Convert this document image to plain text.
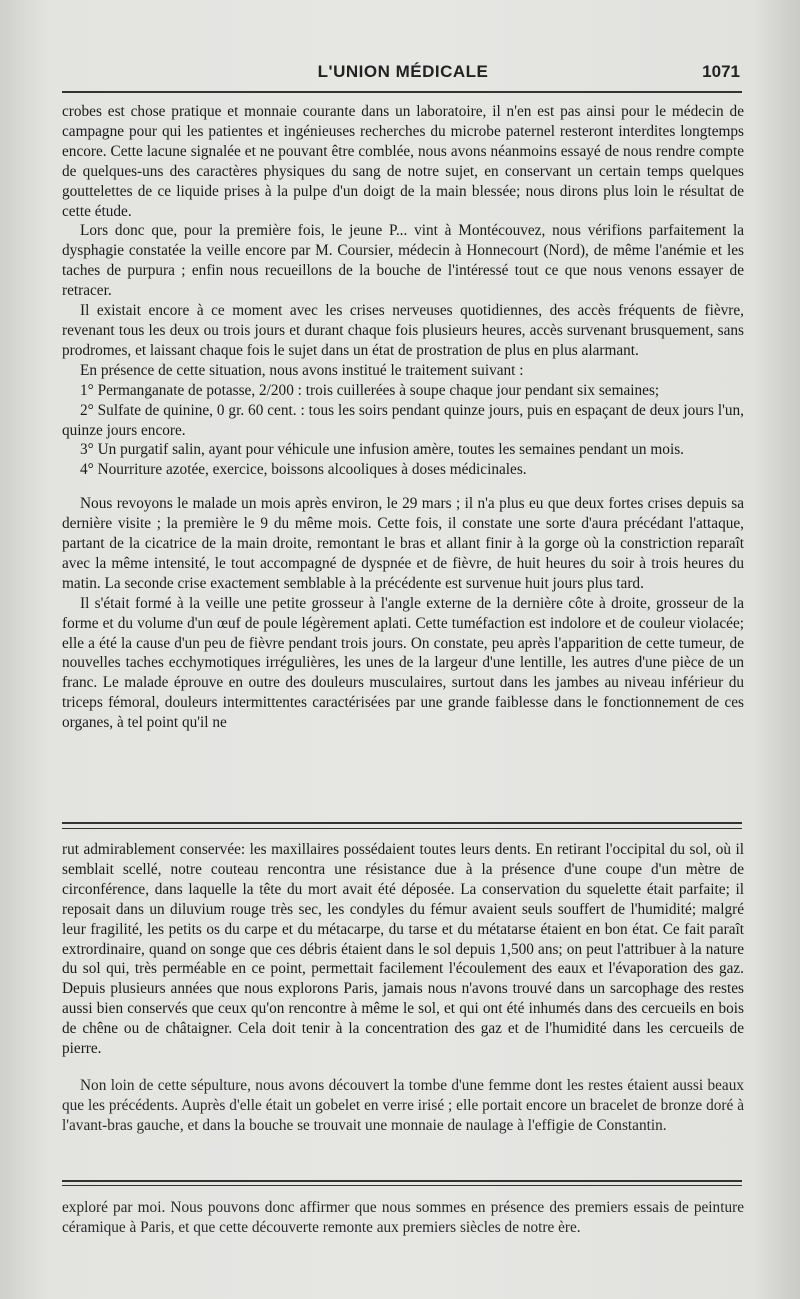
L'UNION MÉDICALE	1071

crobes est chose pratique et monnaie courante dans un laboratoire, il n'en est pas ainsi pour le médecin de campagne pour qui les patientes et ingénieuses recherches du microbe paternel resteront interdites longtemps encore. Cette lacune signalée et ne pouvant être comblée, nous avons néanmoins essayé de nous rendre compte de quelques-uns des caractères physiques du sang de notre sujet, en conservant un certain temps quelques gouttelettes de ce liquide prises à la pulpe d'un doigt de la main blessée; nous dirons plus loin le résultat de cette étude.

Lors donc que, pour la première fois, le jeune P... vint à Montécouvez, nous vérifions parfaitement la dysphagie constatée la veille encore par M. Coursier, médecin à Honnecourt (Nord), de même l'anémie et les taches de purpura ; enfin nous recueillons de la bouche de l'intéressé tout ce que nous venons essayer de retracer.

Il existait encore à ce moment avec les crises nerveuses quotidiennes, des accès fréquents de fièvre, revenant tous les deux ou trois jours et durant chaque fois plusieurs heures, accès survenant brusquement, sans prodromes, et laissant chaque fois le sujet dans un état de prostration de plus en plus alarmant.

En présence de cette situation, nous avons institué le traitement suivant :

1° Permanganate de potasse, 2/200 : trois cuillerées à soupe chaque jour pendant six semaines;

2° Sulfate de quinine, 0 gr. 60 cent. : tous les soirs pendant quinze jours, puis en espaçant de deux jours l'un, quinze jours encore.

3° Un purgatif salin, ayant pour véhicule une infusion amère, toutes les semaines pendant un mois.

4° Nourriture azotée, exercice, boissons alcooliques à doses médicinales.

Nous revoyons le malade un mois après environ, le 29 mars ; il n'a plus eu que deux fortes crises depuis sa dernière visite ; la première le 9 du même mois. Cette fois, il constate une sorte d'aura précédant l'attaque, partant de la cicatrice de la main droite, remontant le bras et allant finir à la gorge où la constriction reparaît avec la même intensité, le tout accompagné de dyspnée et de fièvre, de huit heures du soir à trois heures du matin. La seconde crise exactement semblable à la précédente est survenue huit jours plus tard.

Il s'était formé à la veille une petite grosseur à l'angle externe de la dernière côte à droite, grosseur de la forme et du volume d'un œuf de poule légèrement aplati. Cette tuméfaction est indolore et de couleur violacée; elle a été la cause d'un peu de fièvre pendant trois jours. On constate, peu après l'apparition de cette tumeur, de nouvelles taches ecchymotiques irrégulières, les unes de la largeur d'une lentille, les autres d'une pièce de un franc. Le malade éprouve en outre des douleurs musculaires, surtout dans les jambes au niveau inférieur du triceps fémoral, douleurs intermittentes caractérisées par une grande faiblesse dans le fonctionnement de ces organes, à tel point qu'il ne

rut admirablement conservée: les maxillaires possédaient toutes leurs dents. En retirant l'occipital du sol, où il semblait scellé, notre couteau rencontra une résistance due à la présence d'une coupe d'un mètre de circonférence, dans laquelle la tête du mort avait été déposée. La conservation du squelette était parfaite; il reposait dans un diluvium rouge très sec, les condyles du fémur avaient seuls souffert de l'humidité; malgré leur fragilité, les petits os du carpe et du métacarpe, du tarse et du métatarse étaient en bon état. Ce fait paraît extrordinaire, quand on songe que ces débris étaient dans le sol depuis 1,500 ans; on peut l'attribuer à la nature du sol qui, très perméable en ce point, permettait facilement l'écoulement des eaux et l'évaporation des gaz. Depuis plusieurs années que nous explorons Paris, jamais nous n'avons trouvé dans un sarcophage des restes aussi bien conservés que ceux qu'on rencontre à même le sol, et qui ont été inhumés dans des cercueils en bois de chêne ou de châtaigner. Cela doit tenir à la concentration des gaz et de l'humidité dans les cercueils de pierre.

Non loin de cette sépulture, nous avons découvert la tombe d'une femme dont les restes étaient aussi beaux que les précédents. Auprès d'elle était un gobelet en verre irisé ; elle portait encore un bracelet de bronze doré à l'avant-bras gauche, et dans la bouche se trouvait une monnaie de naulage à l'effigie de Constantin.

exploré par moi. Nous pouvons donc affirmer que nous sommes en présence des premiers essais de peinture céramique à Paris, et que cette découverte remonte aux premiers siècles de notre ère.
